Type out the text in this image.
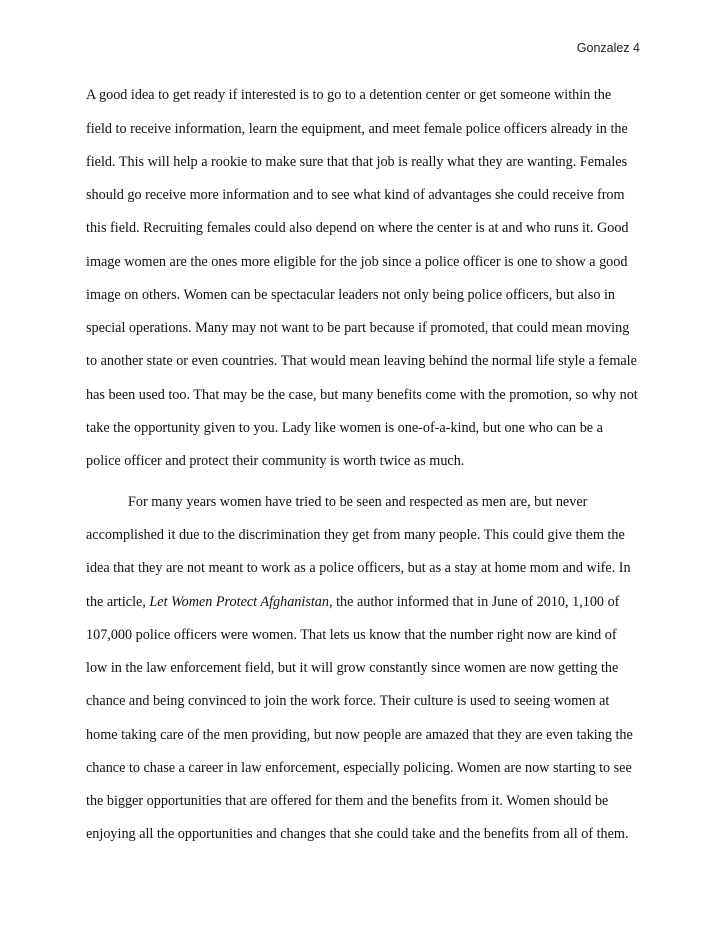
Gonzalez 4
A good idea to get ready if interested is to go to a detention center or get someone within the
field to receive information, learn the equipment, and meet female police officers already in the
field. This will help a rookie to make sure that that job is really what they are wanting. Females
should go receive more information and to see what kind of advantages she could receive from
this field. Recruiting females could also depend on where the center is at and who runs it. Good
image women are the ones more eligible for the job since a police officer is one to show a good
image on others. Women can be spectacular leaders not only being police officers, but also in
special operations. Many may not want to be part because if promoted, that could mean moving
to another state or even countries. That would mean leaving behind the normal life style a female
has been used too. That may be the case, but many benefits come with the promotion, so why not
take the opportunity given to you. Lady like women is one-of-a-kind, but one who can be a
police officer and protect their community is worth twice as much.
For many years women have tried to be seen and respected as men are, but never
accomplished it due to the discrimination they get from many people. This could give them the
idea that they are not meant to work as a police officers, but as a stay at home mom and wife. In
the article, Let Women Protect Afghanistan, the author informed that in June of 2010, 1,100 of
107,000 police officers were women. That lets us know that the number right now are kind of
low in the law enforcement field, but it will grow constantly since women are now getting the
chance and being convinced to join the work force. Their culture is used to seeing women at
home taking care of the men providing, but now people are amazed that they are even taking the
chance to chase a career in law enforcement, especially policing. Women are now starting to see
the bigger opportunities that are offered for them and the benefits from it. Women should be
enjoying all the opportunities and changes that she could take and the benefits from all of them.
